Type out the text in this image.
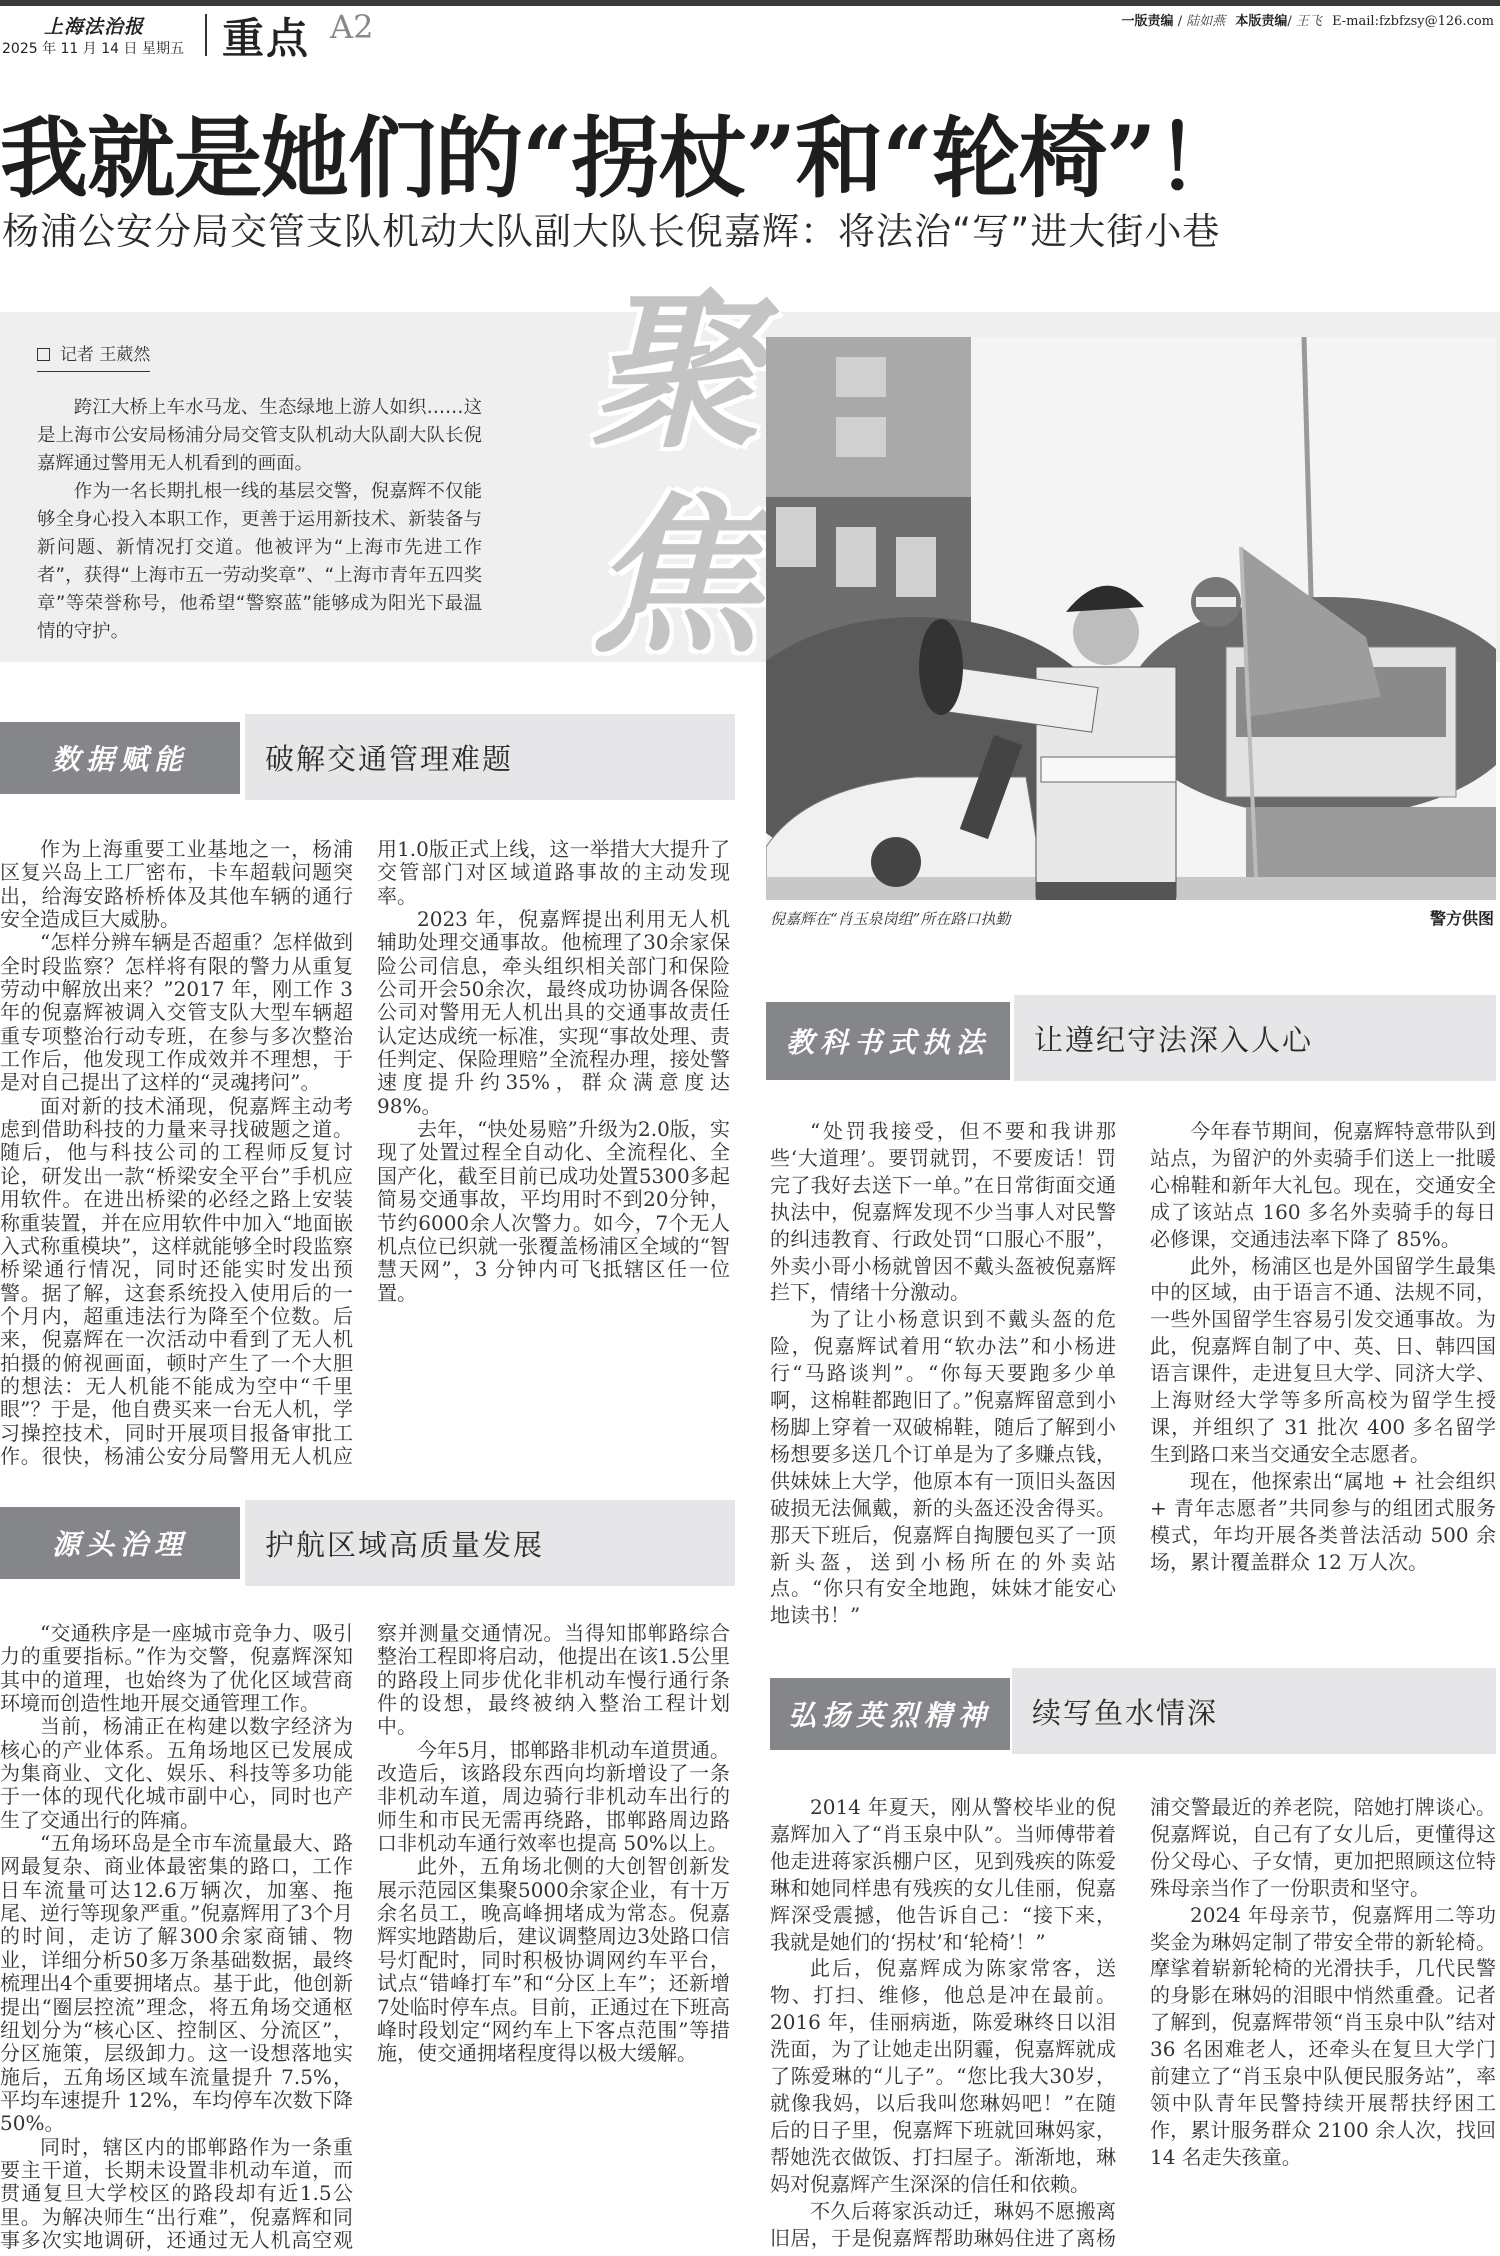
上海法治报
2025 年 11 月 14 日 星期五 重点 A2	一版责编 / 陆如燕 本版责编/ 王飞 E-mail:fzbfzsy@126.com
我就是她们的“拐杖”和“轮椅”！
杨浦公安分局交管支队机动大队副大队长倪嘉辉：将法治“写”进大街小巷
记者 王葳然

跨江大桥上车水马龙、生态绿地上游人如织……这是上海市公安局杨浦分局交管支队机动大队副大队长倪嘉辉通过警用无人机看到的画面。

作为一名长期扎根一线的基层交警，倪嘉辉不仅能够全身心投入本职工作，更善于运用新技术、新装备与新问题、新情况打交道。他被评为“上海市先进工作者”，获得“上海市五一劳动奖章”、“上海市青年五四奖章”等荣誉称号，他希望“警察蓝”能够成为阳光下最温情的守护。

聚焦
倪嘉辉在“肖玉泉岗组”所在路口执勤	警方供图
数据赋能	破解交通管理难题

作为上海重要工业基地之一，杨浦区复兴岛上工厂密布，卡车超载问题突出，给海安路桥桥体及其他车辆的通行安全造成巨大威胁。

“怎样分辨车辆是否超重？怎样做到全时段监察？怎样将有限的警力从重复劳动中解放出来？”2017 年，刚工作 3 年的倪嘉辉被调入交管支队大型车辆超重专项整治行动专班，在参与多次整治工作后，他发现工作成效并不理想，于是对自己提出了这样的“灵魂拷问”。

面对新的技术涌现，倪嘉辉主动考虑到借助科技的力量来寻找破题之道。随后，他与科技公司的工程师反复讨论，研发出一款“桥梁安全平台”手机应用软件。在进出桥梁的必经之路上安装称重装置，并在应用软件中加入“地面嵌入式称重模块”，这样就能够全时段监察桥梁通行情况，同时还能实时发出预警。据了解，这套系统投入使用后的一个月内，超重违法行为降至个位数。后来，倪嘉辉在一次活动中看到了无人机拍摄的俯视画面，顿时产生了一个大胆的想法：无人机能不能成为空中“千里眼”？于是，他自费买来一台无人机，学习操控技术，同时开展项目报备审批工作。很快，杨浦公安分局警用无人机应用1.0版正式上线，这一举措大大提升了交管部门对区域道路事故的主动发现率。

2023 年，倪嘉辉提出利用无人机辅助处理交通事故。他梳理了30余家保险公司信息，牵头组织相关部门和保险公司开会50余次，最终成功协调各保险公司对警用无人机出具的交通事故责任认定达成统一标准，实现“事故处理、责任判定、保险理赔”全流程办理，接处警速度提升约35%，群众满意度达 98%。

去年，“快处易赔”升级为2.0版，实现了处置过程全自动化、全流程化、全国产化，截至目前已成功处置5300多起简易交通事故，平均用时不到20分钟，节约6000余人次警力。如今，7个无人机点位已织就一张覆盖杨浦区全域的“智慧天网”，3 分钟内可飞抵辖区任一位置。

源头治理	护航区域高质量发展

“交通秩序是一座城市竞争力、吸引力的重要指标。”作为交警，倪嘉辉深知其中的道理，也始终为了优化区域营商环境而创造性地开展交通管理工作。

当前，杨浦正在构建以数字经济为核心的产业体系。五角场地区已发展成为集商业、文化、娱乐、科技等多功能于一体的现代化城市副中心，同时也产生了交通出行的阵痛。

“五角场环岛是全市车流量最大、路网最复杂、商业体最密集的路口，工作日车流量可达12.6万辆次，加塞、拖尾、逆行等现象严重。”倪嘉辉用了3个月的时间，走访了解300余家商铺、物业，详细分析50多万条基础数据，最终梳理出4个重要拥堵点。基于此，他创新提出“圈层控流”理念，将五角场交通枢纽划分为“核心区、控制区、分流区”，分区施策，层级卸力。这一设想落地实施后，五角场区域车流量提升 7.5%，平均车速提升 12%，车均停车次数下降 50%。

同时，辖区内的邯郸路作为一条重要主干道，长期未设置非机动车道，而贯通复旦大学校区的路段却有近1.5公里。为解决师生“出行难”，倪嘉辉和同事多次实地调研，还通过无人机高空观察并测量交通情况。当得知邯郸路综合整治工程即将启动，他提出在该1.5公里的路段上同步优化非机动车慢行通行条件的设想，最终被纳入整治工程计划中。

今年5月，邯郸路非机动车道贯通。改造后，该路段东西向均新增设了一条非机动车道，周边骑行非机动车出行的师生和市民无需再绕路，邯郸路周边路口非机动车通行效率也提高 50%以上。

此外，五角场北侧的大创智创新发展示范园区集聚5000余家企业，有十万余名员工，晚高峰拥堵成为常态。倪嘉辉实地踏勘后，建议调整周边3处路口信号灯配时，同时积极协调网约车平台，试点“错峰打车”和“分区上车”；还新增7处临时停车点。目前，正通过在下班高峰时段划定“网约车上下客点范围”等措施，使交通拥堵程度得以极大缓解。

教科书式执法	让遵纪守法深入人心

“处罚我接受，但不要和我讲那些‘大道理’。要罚就罚，不要废话！罚完了我好去送下一单。”在日常街面交通执法中，倪嘉辉发现不少当事人对民警的纠违教育、行政处罚“口服心不服”，外卖小哥小杨就曾因不戴头盔被倪嘉辉拦下，情绪十分激动。

为了让小杨意识到不戴头盔的危险，倪嘉辉试着用“软办法”和小杨进行“马路谈判”。“你每天要跑多少单啊，这棉鞋都跑旧了。”倪嘉辉留意到小杨脚上穿着一双破棉鞋，随后了解到小杨想要多送几个订单是为了多赚点钱，供妹妹上大学，他原本有一顶旧头盔因破损无法佩戴，新的头盔还没舍得买。那天下班后，倪嘉辉自掏腰包买了一顶新头盔，送到小杨所在的外卖站点。“你只有安全地跑，妹妹才能安心地读书！”

今年春节期间，倪嘉辉特意带队到站点，为留沪的外卖骑手们送上一批暖心棉鞋和新年大礼包。现在，交通安全成了该站点 160 多名外卖骑手的每日必修课，交通违法率下降了 85%。

此外，杨浦区也是外国留学生最集中的区域，由于语言不通、法规不同，一些外国留学生容易引发交通事故。为此，倪嘉辉自制了中、英、日、韩四国语言课件，走进复旦大学、同济大学、上海财经大学等多所高校为留学生授课，并组织了 31 批次 400 多名留学生到路口来当交通安全志愿者。

现在，他探索出“属地 + 社会组织 + 青年志愿者”共同参与的组团式服务模式，年均开展各类普法活动 500 余场，累计覆盖群众 12 万人次。

弘扬英烈精神	续写鱼水情深

2014 年夏天，刚从警校毕业的倪嘉辉加入了“肖玉泉中队”。当师傅带着他走进蒋家浜棚户区，见到残疾的陈爱琳和她同样患有残疾的女儿佳丽，倪嘉辉深受震撼，他告诉自己：“接下来，我就是她们的‘拐杖’和‘轮椅’！”

此后，倪嘉辉成为陈家常客，送物、打扫、维修，他总是冲在最前。2016 年，佳丽病逝，陈爱琳终日以泪洗面，为了让她走出阴霾，倪嘉辉就成了陈爱琳的“儿子”。“您比我大30岁，就像我妈，以后我叫您琳妈吧！”在随后的日子里，倪嘉辉下班就回琳妈家，帮她洗衣做饭、打扫屋子。渐渐地，琳妈对倪嘉辉产生深深的信任和依赖。

不久后蒋家浜动迁，琳妈不愿搬离旧居，于是倪嘉辉帮助琳妈住进了离杨浦交警最近的养老院，陪她打牌谈心。倪嘉辉说，自己有了女儿后，更懂得这份父母心、子女情，更加把照顾这位特殊母亲当作了一份职责和坚守。

2024 年母亲节，倪嘉辉用二等功奖金为琳妈定制了带安全带的新轮椅。摩挲着崭新轮椅的光滑扶手，几代民警的身影在琳妈的泪眼中悄然重叠。记者了解到，倪嘉辉带领“肖玉泉中队”结对 36 名困难老人，还牵头在复旦大学门前建立了“肖玉泉中队便民服务站”，率领中队青年民警持续开展帮扶纾困工作，累计服务群众 2100 余人次，找回 14 名走失孩童。
